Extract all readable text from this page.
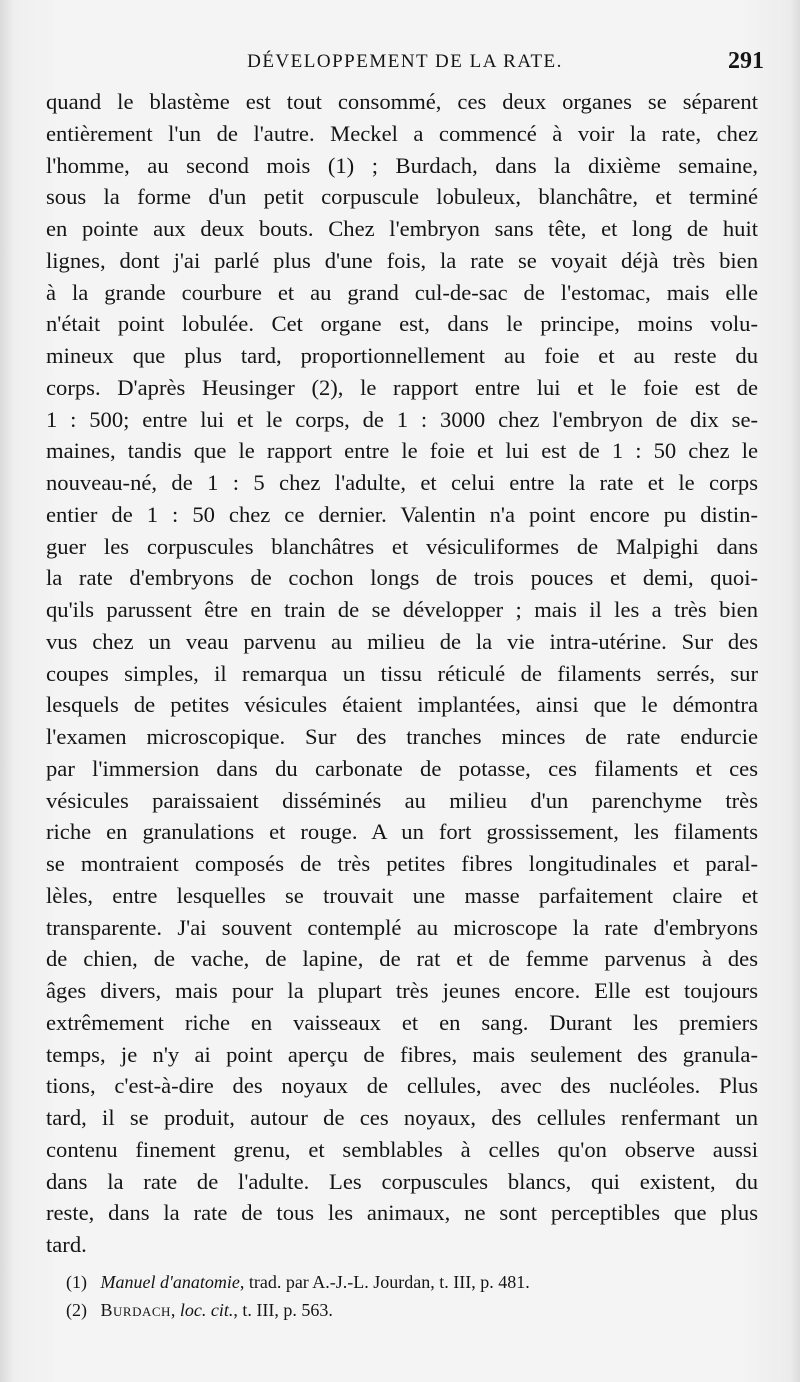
DÉVELOPPEMENT DE LA RATE.	291
quand le blastème est tout consommé, ces deux organes se séparent
entièrement l'un de l'autre. Meckel a commencé à voir la rate, chez
l'homme, au second mois (1) ; Burdach, dans la dixième semaine,
sous la forme d'un petit corpuscule lobuleux, blanchâtre, et terminé
en pointe aux deux bouts. Chez l'embryon sans tête, et long de huit
lignes, dont j'ai parlé plus d'une fois, la rate se voyait déjà très bien
à la grande courbure et au grand cul-de-sac de l'estomac, mais elle
n'était point lobulée. Cet organe est, dans le principe, moins volu-
mineux que plus tard, proportionnellement au foie et au reste du
corps. D'après Heusinger (2), le rapport entre lui et le foie est de
1 : 500; entre lui et le corps, de 1 : 3000 chez l'embryon de dix se-
maines, tandis que le rapport entre le foie et lui est de 1 : 50 chez le
nouveau-né, de 1 : 5 chez l'adulte, et celui entre la rate et le corps
entier de 1 : 50 chez ce dernier. Valentin n'a point encore pu distin-
guer les corpuscules blanchâtres et vésiculiformes de Malpighi dans
la rate d'embryons de cochon longs de trois pouces et demi, quoi-
qu'ils parussent être en train de se développer ; mais il les a très bien
vus chez un veau parvenu au milieu de la vie intra-utérine. Sur des
coupes simples, il remarqua un tissu réticulé de filaments serrés, sur
lesquels de petites vésicules étaient implantées, ainsi que le démontra
l'examen microscopique. Sur des tranches minces de rate endurcie
par l'immersion dans du carbonate de potasse, ces filaments et ces
vésicules paraissaient disséminés au milieu d'un parenchyme très
riche en granulations et rouge. A un fort grossissement, les filaments
se montraient composés de très petites fibres longitudinales et paral-
lèles, entre lesquelles se trouvait une masse parfaitement claire et
transparente. J'ai souvent contemplé au microscope la rate d'embryons
de chien, de vache, de lapine, de rat et de femme parvenus à des
âges divers, mais pour la plupart très jeunes encore. Elle est toujours
extrêmement riche en vaisseaux et en sang. Durant les premiers
temps, je n'y ai point aperçu de fibres, mais seulement des granula-
tions, c'est-à-dire des noyaux de cellules, avec des nucléoles. Plus
tard, il se produit, autour de ces noyaux, des cellules renfermant un
contenu finement grenu, et semblables à celles qu'on observe aussi
dans la rate de l'adulte. Les corpuscules blancs, qui existent, du
reste, dans la rate de tous les animaux, ne sont perceptibles que plus
tard.
(1) Manuel d'anatomie, trad. par A.-J.-L. Jourdan, t. III, p. 481.
(2) Burdach, loc. cit., t. III, p. 563.
